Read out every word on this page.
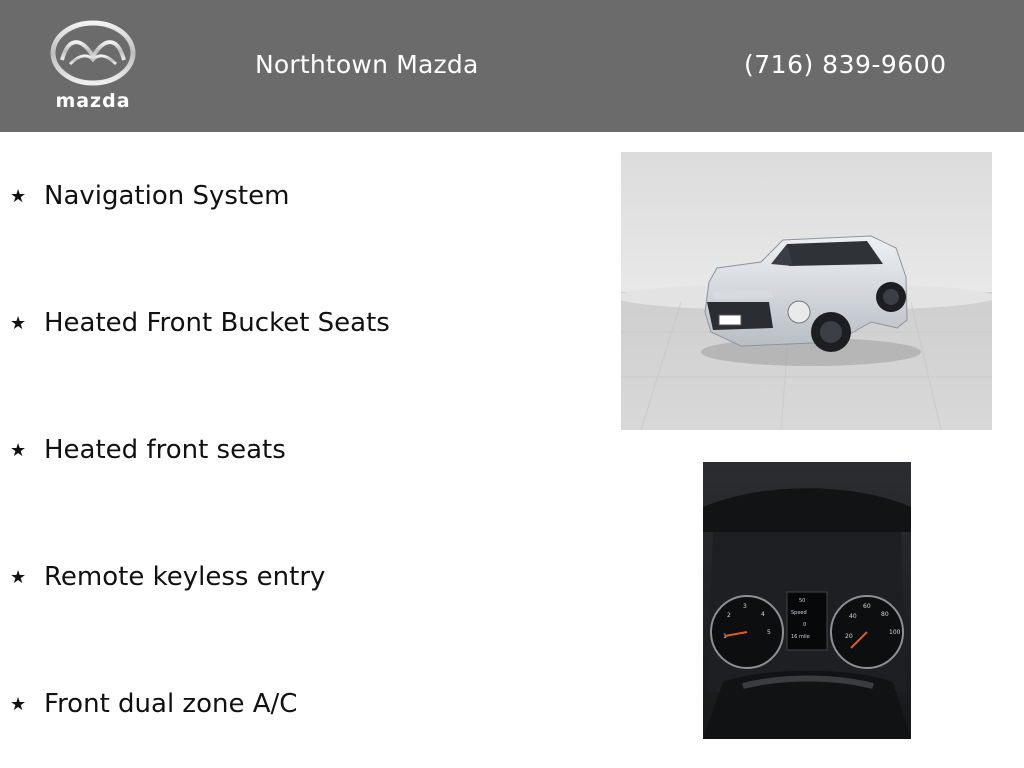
mazda
Northtown Mazda	(716) 839-9600
★ Navigation System
★ Heated Front Bucket Seats
★ Heated front seats
★ Remote keyless entry
★ Front dual zone A/C
2
3
4
5
1
40
60
80
100
20
50
Speed
0
16 mile
